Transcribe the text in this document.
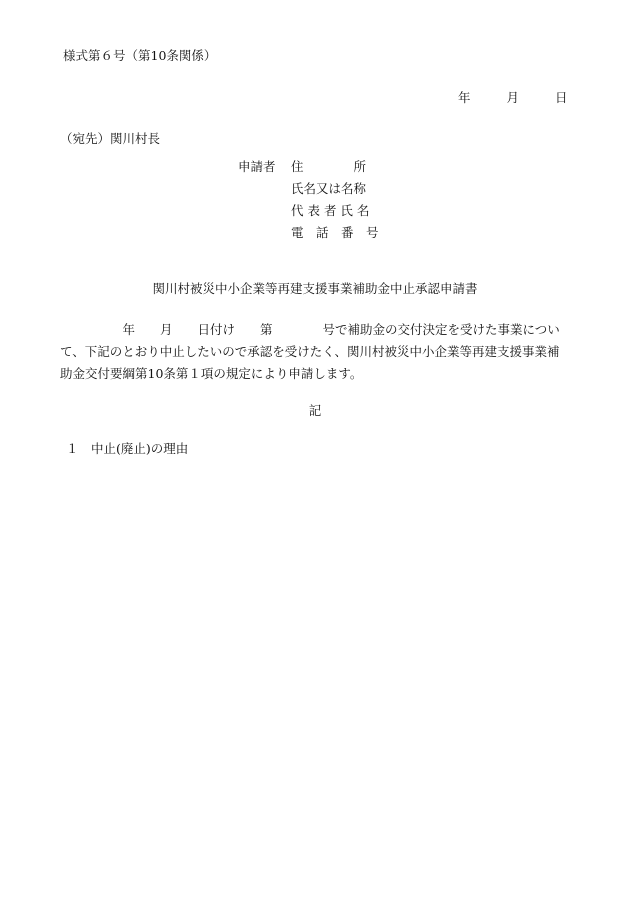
様式第６号（第10条関係）
年	月	日
（宛先）関川村長
申請者 住　　　　所
氏名又は名称
代 表 者 氏 名
電　話　番　号
関川村被災中小企業等再建支援事業補助金中止承認申請書

　　　　　年　　月　　日付け　　第　　　　号で補助金の交付決定を受けた事業につい

て、下記のとおり中止したいので承認を受けたく、関川村被災中小企業等再建支援事業補

助金交付要綱第10条第１項の規定により申請します。

記
１　中止(廃止)の理由
